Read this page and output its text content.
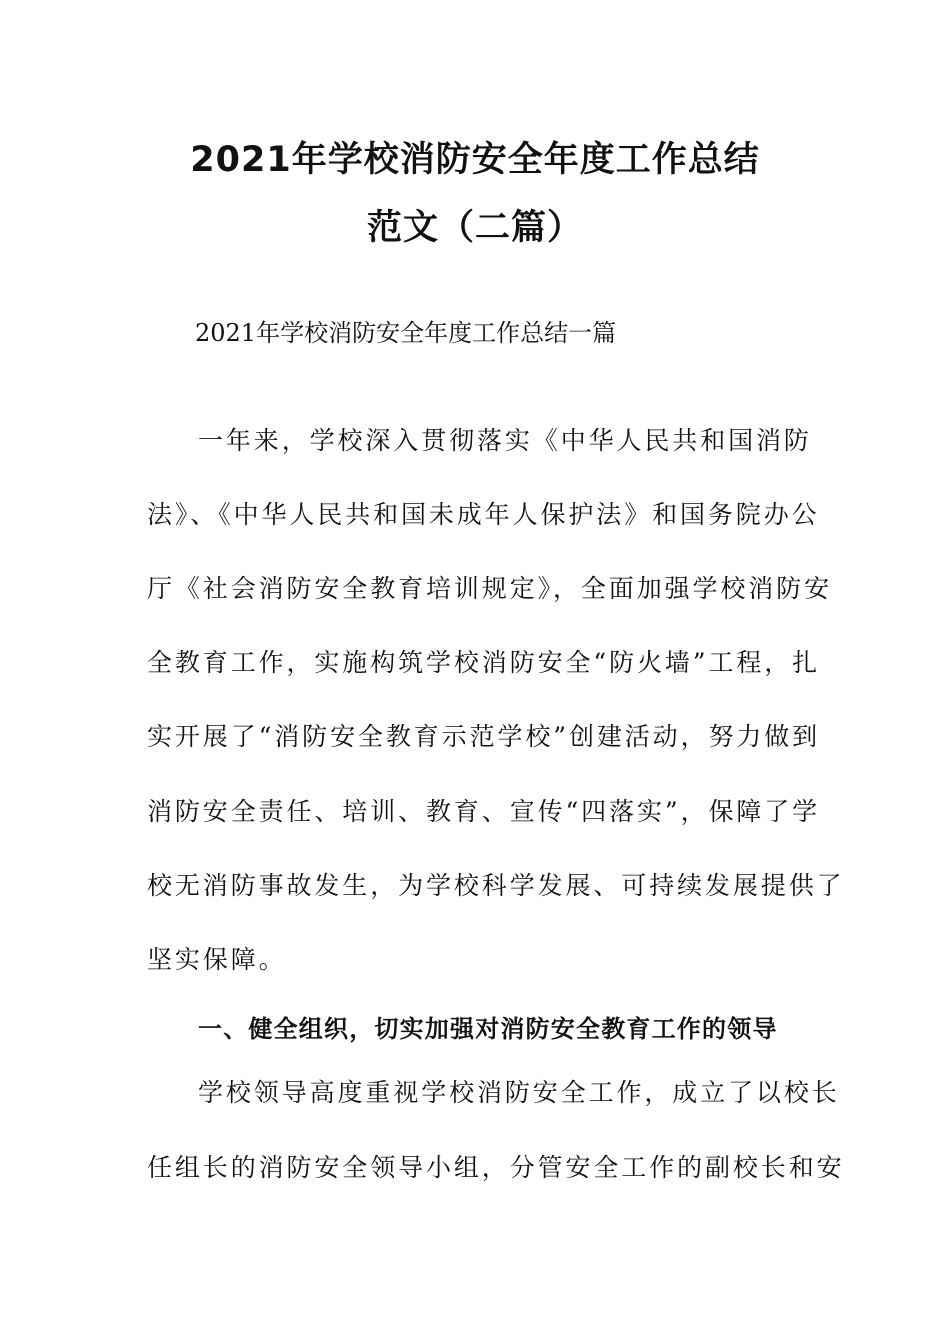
2021年学校消防安全年度工作总结
范文（二篇）
2021年学校消防安全年度工作总结一篇
一年来，学校深入贯彻落实《中华人民共和国消防
法》、《中华人民共和国未成年人保护法》和国务院办公
厅《社会消防安全教育培训规定》，全面加强学校消防安
全教育工作，实施构筑学校消防安全“防火墙”工程，扎
实开展了“消防安全教育示范学校”创建活动，努力做到
消防安全责任、培训、教育、宣传“四落实”，保障了学
校无消防事故发生，为学校科学发展、可持续发展提供了
坚实保障。
一、健全组织，切实加强对消防安全教育工作的领导
学校领导高度重视学校消防安全工作，成立了以校长
任组长的消防安全领导小组，分管安全工作的副校长和安
